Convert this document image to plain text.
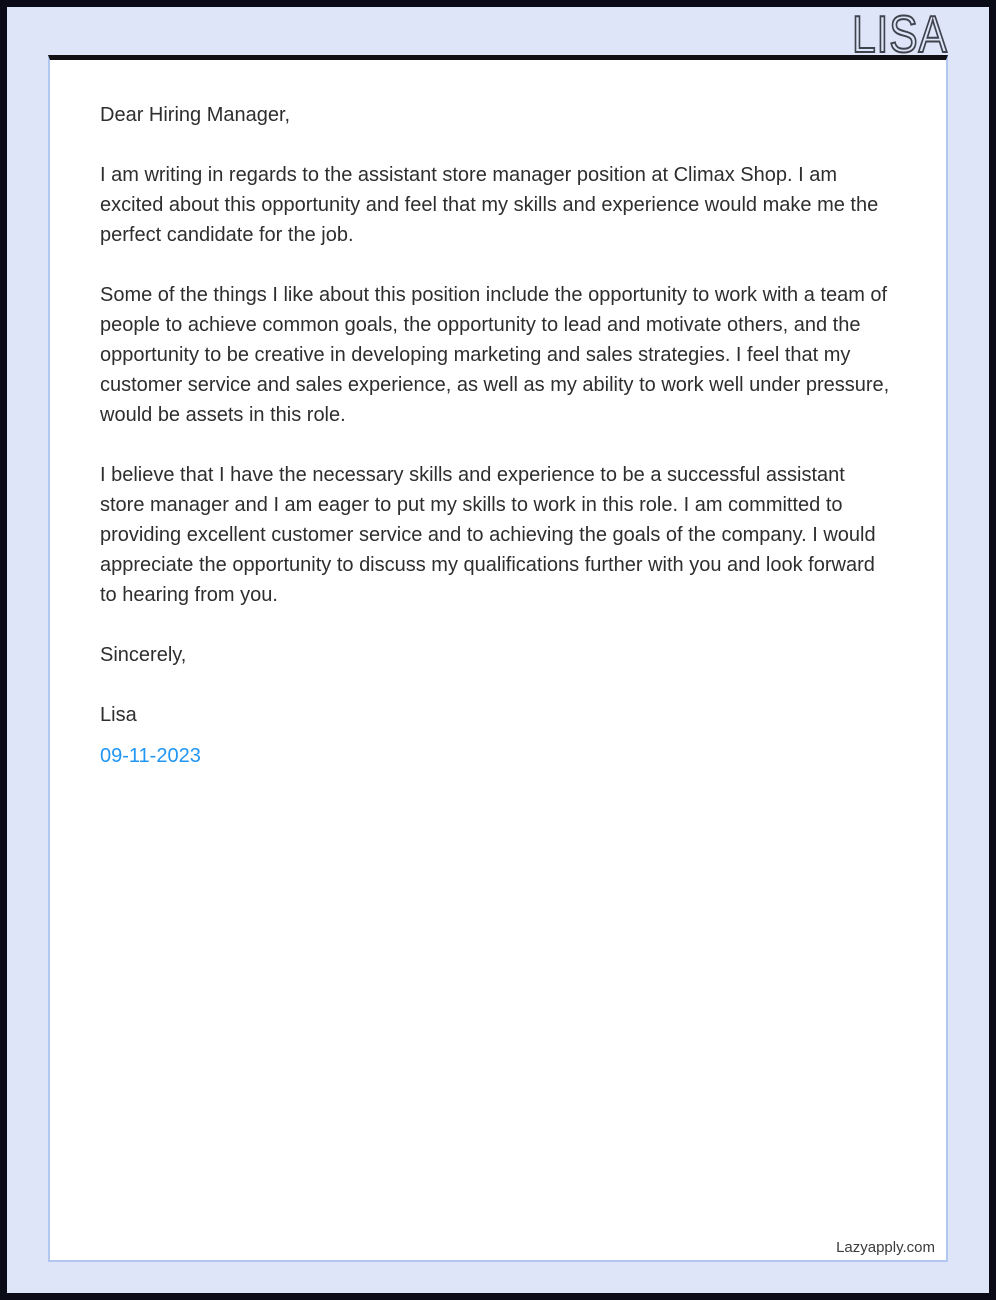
LISA

Dear Hiring Manager,

I am writing in regards to the assistant store manager position at Climax Shop. I am excited about this opportunity and feel that my skills and experience would make me the perfect candidate for the job.

Some of the things I like about this position include the opportunity to work with a team of people to achieve common goals, the opportunity to lead and motivate others, and the opportunity to be creative in developing marketing and sales strategies. I feel that my customer service and sales experience, as well as my ability to work well under pressure, would be assets in this role.

I believe that I have the necessary skills and experience to be a successful assistant store manager and I am eager to put my skills to work in this role. I am committed to providing excellent customer service and to achieving the goals of the company. I would appreciate the opportunity to discuss my qualifications further with you and look forward to hearing from you.

Sincerely,

Lisa

09-11-2023

Lazyapply.com
